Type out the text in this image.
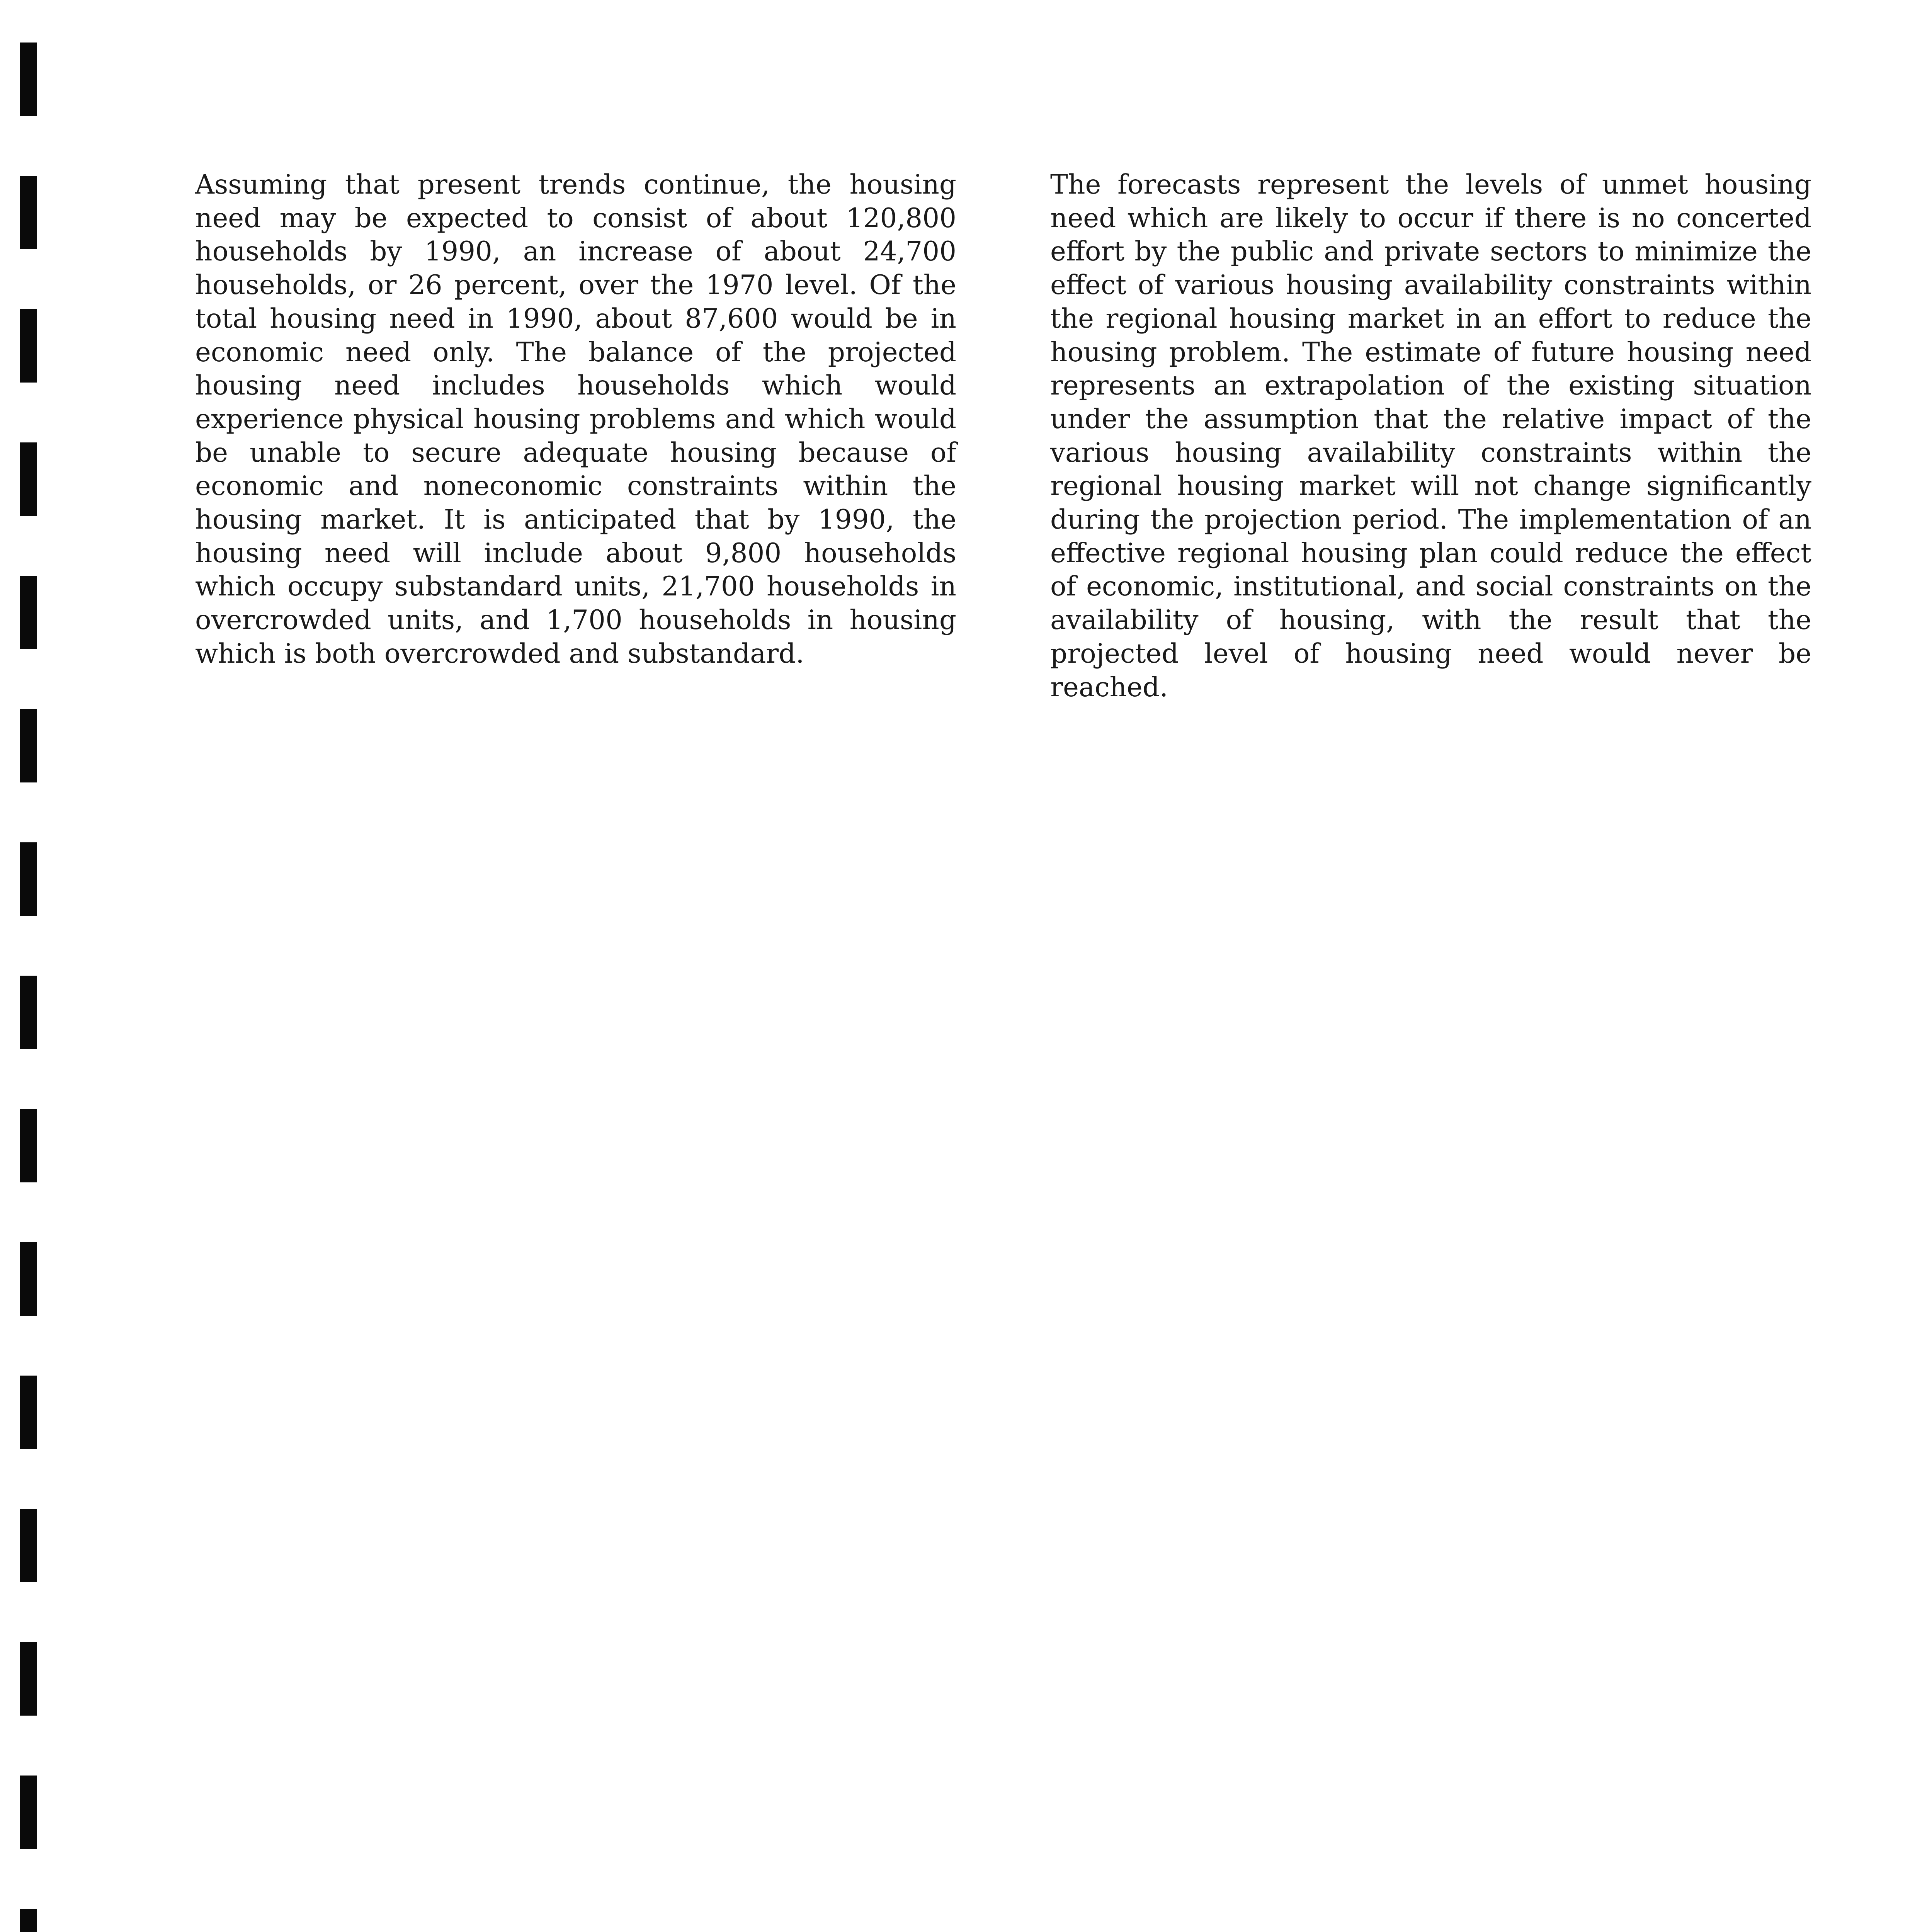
Assuming that present trends continue, the housing need may be expected to consist of about 120,800 households by 1990, an increase of about 24,700 households, or 26 percent, over the 1970 level. Of the total housing need in 1990, about 87,600 would be in economic need only. The balance of the projected housing need includes households which would experience physical housing problems and which would be unable to secure adequate housing because of economic and noneconomic constraints within the housing market. It is anticipated that by 1990, the housing need will include about 9,800 households which occupy substandard units, 21,700 households in overcrowded units, and 1,700 households in housing which is both overcrowded and substandard.

The forecasts represent the levels of unmet housing need which are likely to occur if there is no concerted effort by the public and private sectors to minimize the effect of various housing availability constraints within the regional housing market in an effort to reduce the housing problem. The estimate of future housing need represents an extrapolation of the existing situation under the assumption that the relative impact of the various housing availability constraints within the regional housing market will not change significantly during the projection period. The implementation of an effective regional housing plan could reduce the effect of economic, institutional, and social constraints on the availability of housing, with the result that the projected level of housing need would never be reached.
